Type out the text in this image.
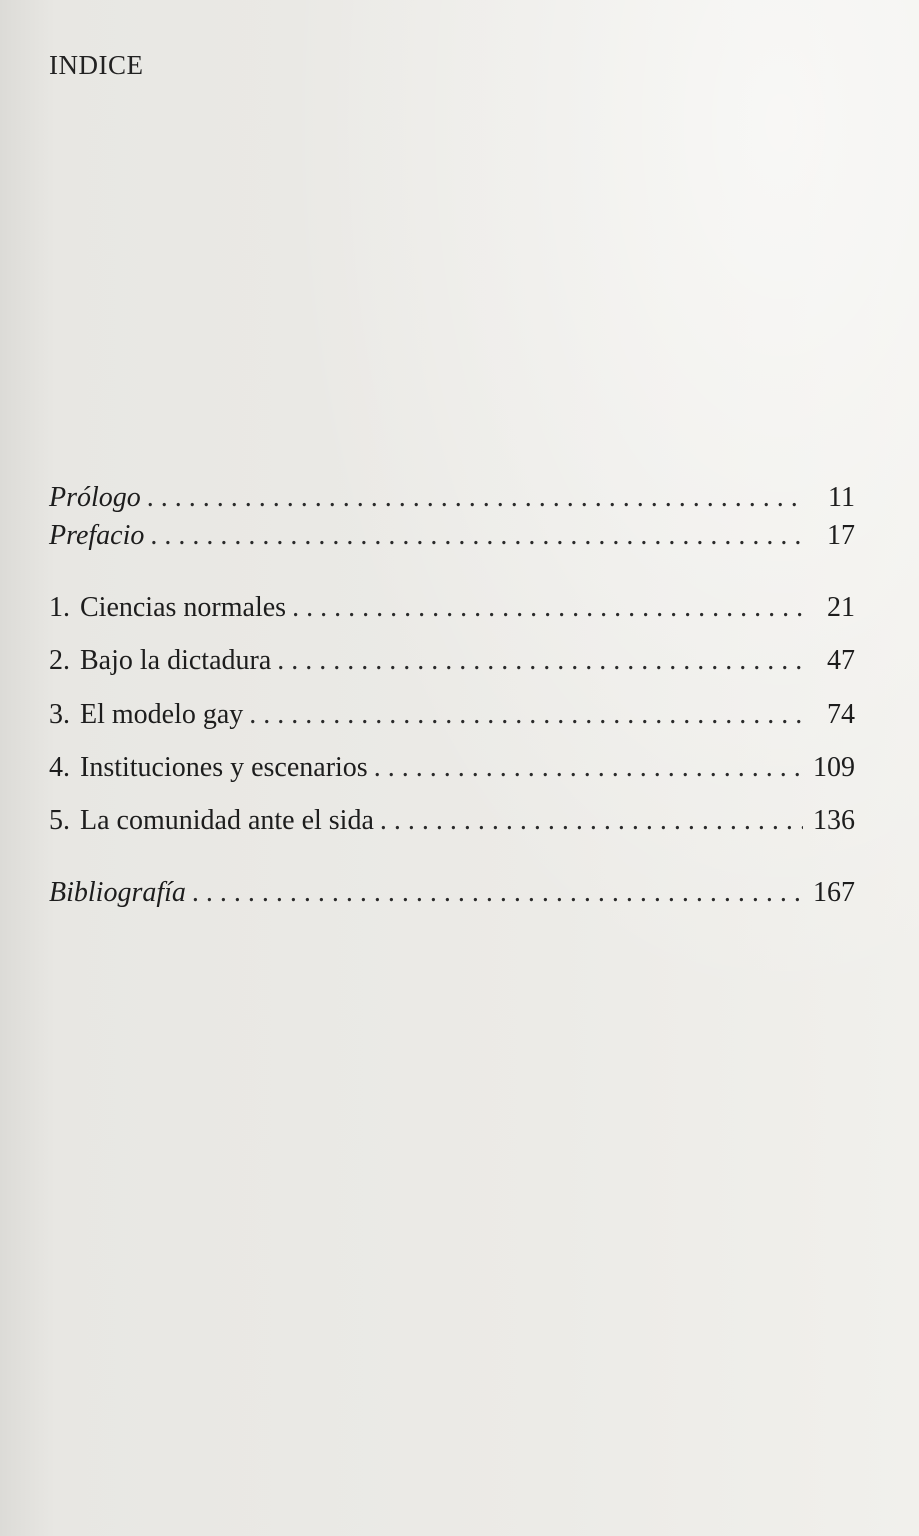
INDICE
Prólogo . . .	11
Prefacio . . .	17
1. Ciencias normales . . .	21
2. Bajo la dictadura . . .	47
3. El modelo gay . . .	74
4. Instituciones y escenarios . . .	109
5. La comunidad ante el sida . . .	136
Bibliografía . . .	167
